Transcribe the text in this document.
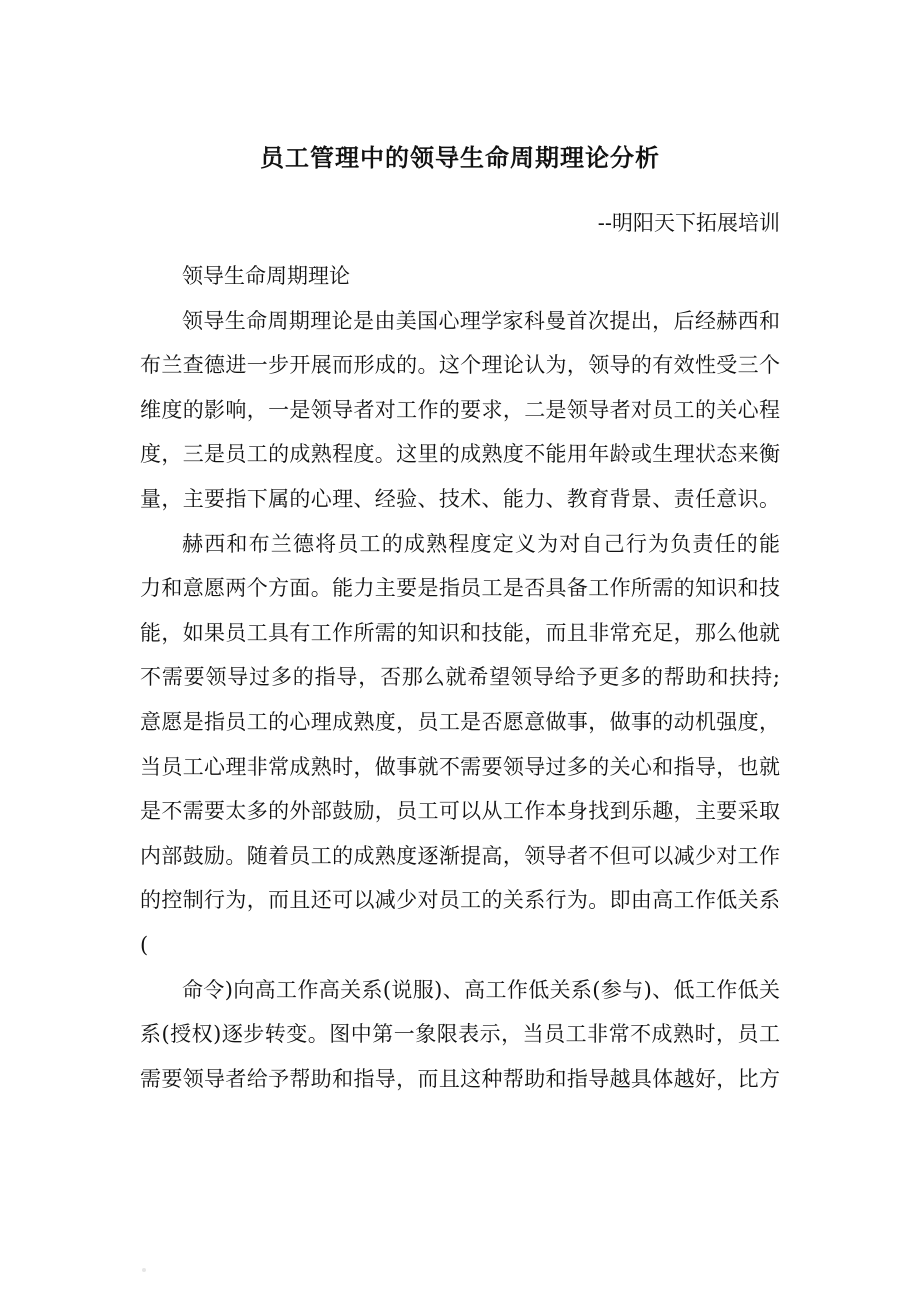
员工管理中的领导生命周期理论分析
--明阳天下拓展培训

领导生命周期理论

领导生命周期理论是由美国心理学家科曼首次提出，后经赫西和
布兰查德进一步开展而形成的。这个理论认为，领导的有效性受三个
维度的影响，一是领导者对工作的要求，二是领导者对员工的关心程
度，三是员工的成熟程度。这里的成熟度不能用年龄或生理状态来衡
量，主要指下属的心理、经验、技术、能力、教育背景、责任意识。

赫西和布兰德将员工的成熟程度定义为对自己行为负责任的能
力和意愿两个方面。能力主要是指员工是否具备工作所需的知识和技
能，如果员工具有工作所需的知识和技能，而且非常充足，那么他就
不需要领导过多的指导，否那么就希望领导给予更多的帮助和扶持;
意愿是指员工的心理成熟度，员工是否愿意做事，做事的动机强度，
当员工心理非常成熟时，做事就不需要领导过多的关心和指导，也就
是不需要太多的外部鼓励，员工可以从工作本身找到乐趣，主要采取
内部鼓励。随着员工的成熟度逐渐提高，领导者不但可以减少对工作
的控制行为，而且还可以减少对员工的关系行为。即由高工作低关系
(

命令)向高工作高关系(说服)、高工作低关系(参与)、低工作低关
系(授权)逐步转变。图中第一象限表示，当员工非常不成熟时，员工
需要领导者给予帮助和指导，而且这种帮助和指导越具体越好，比方
